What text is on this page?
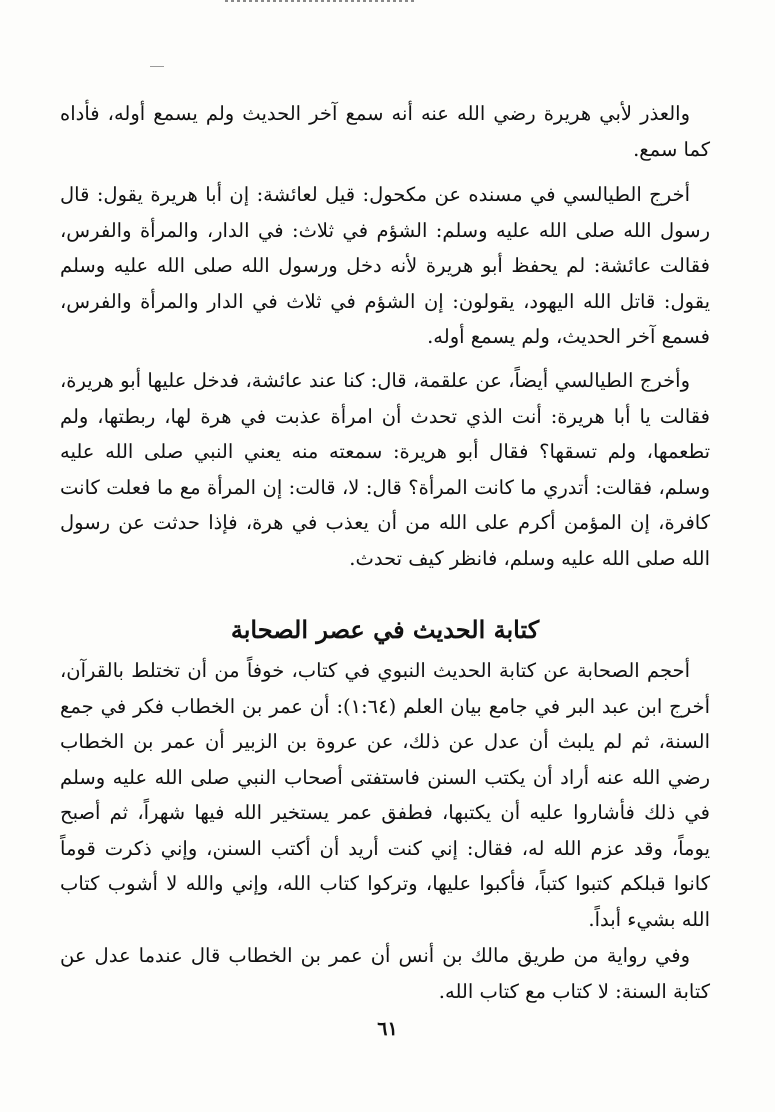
والعذر لأبي هريرة رضي الله عنه أنه سمع آخر الحديث ولم يسمع أوله، فأداه كما سمع.

أخرج الطيالسي في مسنده عن مكحول: قيل لعائشة: إن أبا هريرة يقول: قال رسول الله صلى الله عليه وسلم: الشؤم في ثلاث: في الدار، والمرأة والفرس، فقالت عائشة: لم يحفظ أبو هريرة لأنه دخل ورسول الله صلى الله عليه وسلم يقول: قاتل الله اليهود، يقولون: إن الشؤم في ثلاث في الدار والمرأة والفرس، فسمع آخر الحديث، ولم يسمع أوله.

وأخرج الطيالسي أيضاً، عن علقمة، قال: كنا عند عائشة، فدخل عليها أبو هريرة، فقالت يا أبا هريرة: أنت الذي تحدث أن امرأة عذبت في هرة لها، ربطتها، ولم تطعمها، ولم تسقها؟ فقال أبو هريرة: سمعته منه يعني النبي صلى الله عليه وسلم، فقالت: أتدري ما كانت المرأة؟ قال: لا، قالت: إن المرأة مع ما فعلت كانت كافرة، إن المؤمن أكرم على الله من أن يعذب في هرة، فإذا حدثت عن رسول الله صلى الله عليه وسلم، فانظر كيف تحدث.

كتابة الحديث في عصر الصحابة

أحجم الصحابة عن كتابة الحديث النبوي في كتاب، خوفاً من أن تختلط بالقرآن، أخرج ابن عبد البر في جامع بيان العلم (١:٦٤): أن عمر بن الخطاب فكر في جمع السنة، ثم لم يلبث أن عدل عن ذلك، عن عروة بن الزبير أن عمر بن الخطاب رضي الله عنه أراد أن يكتب السنن فاستفتى أصحاب النبي صلى الله عليه وسلم في ذلك فأشاروا عليه أن يكتبها، فطفق عمر يستخير الله فيها شهراً، ثم أصبح يوماً، وقد عزم الله له، فقال: إني كنت أريد أن أكتب السنن، وإني ذكرت قوماً كانوا قبلكم كتبوا كتباً، فأكبوا عليها، وتركوا كتاب الله، وإني والله لا أشوب كتاب الله بشيء أبداً.

وفي رواية من طريق مالك بن أنس أن عمر بن الخطاب قال عندما عدل عن كتابة السنة: لا كتاب مع كتاب الله.

٦١
